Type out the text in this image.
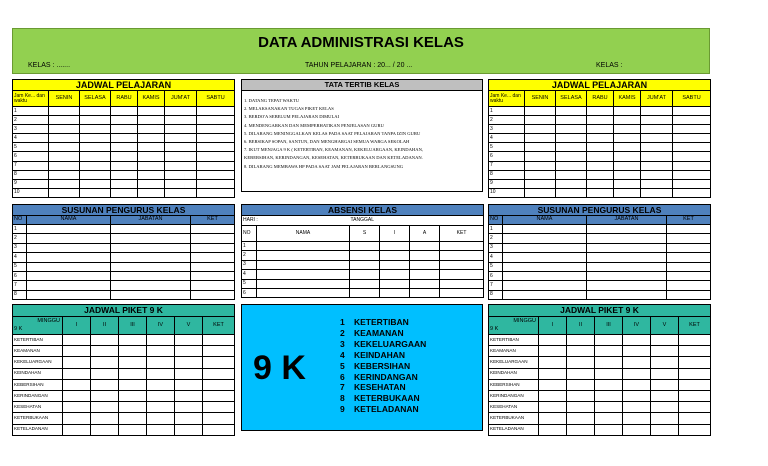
DATA ADMINISTRASI KELAS
KELAS : .......	TAHUN PELAJARAN : 20... / 20 ...	KELAS :
JADWAL PELAJARAN						
Jam Ke... dan waktu	SENIN	SELASA	RABU	KAMIS	JUM'AT	SABTU
1						
2						
3						
4						
5						
6						
7						
8						
9						
10						
TATA TERTIB KELAS
1. DATANG TEPAT WAKTU
2. MELAKSANAKAN TUGAS PIKET KELAS
3. BERDO'A SEBELUM PELAJARAN DIMULAI
4. MENDENGARKAN DAN MEMPERHATIKAN PENJELASAN GURU
5. DILARANG MENINGGALKAN KELAS PADA SAAT PELAJARAN TANPA IZIN GURU
6. BERSIKAP SOPAN, SANTUN, DAN MENGHARGAI SEMUA WARGA SEKOLAH
7. IKUT MENJAGA 9 K ( KETERTIBAN, KEAMANAN, KEKELUARGAAN, KEINDAHAN,
KEBERSIHAN, KERINDANGAN, KESEHATAN, KETERBUKAAN DAN KETELADANAN.
8. DILARANG MEMBAWA HP PADA SAAT JAM PELAJARAN BERLANGSUNG
JADWAL PELAJARAN						
Jam Ke... dan waktu	SENIN	SELASA	RABU	KAMIS	JUM'AT	SABTU
1						
2						
3						
4						
5						
6						
7						
8						
9						
10						
SUSUNAN PENGURUS KELAS			
NO	NAMA	JABATAN	KET
1			
2			
3			
4			
5			
6			
7			
8			
ABSENSI KELAS					
HARI :		TANGGAL			
NO	NAMA	S	I	A	KET
1					
2					
3					
4					
5					
6					
SUSUNAN PENGURUS KELAS			
NO	NAMA	JABATAN	KET
1			
2			
3			
4			
5			
6			
7			
8			
JADWAL PIKET 9 K						

MINGGU
9 K	I	II	III	IV	V	KET
KETERTIBAN						
KEAMANAN						
KEKELUARGAAN						
KEINDAHAN						
KEBERSIHAN						
KERINDANGAN						
KESEHATAN						
KETERBUKAAN						
KETELADANAN						
9 K
1 KETERTIBAN
2 KEAMANAN
3 KEKELUARGAAN
4 KEINDAHAN
5 KEBERSIHAN
6 KERINDANGAN
7 KESEHATAN
8 KETERBUKAAN
9 KETELADANAN
JADWAL PIKET 9 K						

MINGGU
9 K	I	II	III	IV	V	KET
KETERTIBAN						
KEAMANAN						
KEKELUARGAAN						
KEINDAHAN						
KEBERSIHAN						
KERINDANGAN						
KESEHATAN						
KETERBUKAAN						
KETELADANAN						
